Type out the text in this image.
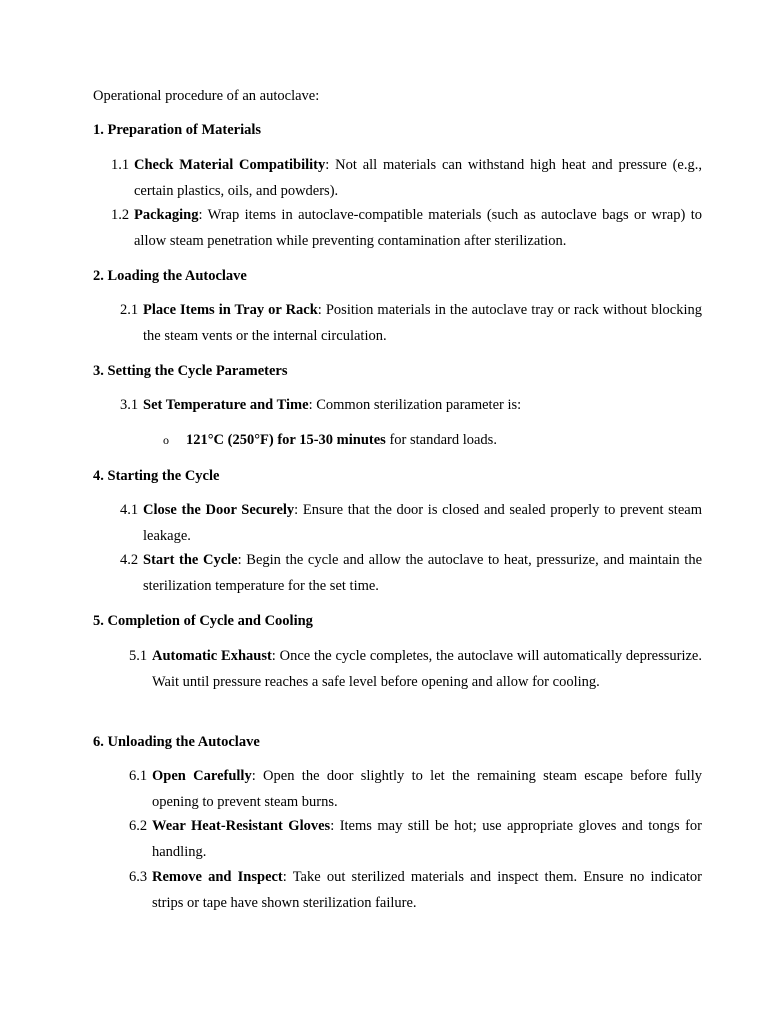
Operational procedure of an autoclave:
1. Preparation of Materials
1.1 Check Material Compatibility: Not all materials can withstand high heat and pressure (e.g., certain plastics, oils, and powders).
1.2 Packaging: Wrap items in autoclave-compatible materials (such as autoclave bags or wrap) to allow steam penetration while preventing contamination after sterilization.
2. Loading the Autoclave
2.1 Place Items in Tray or Rack: Position materials in the autoclave tray or rack without blocking the steam vents or the internal circulation.
3. Setting the Cycle Parameters
3.1 Set Temperature and Time: Common sterilization parameter is:
o 121°C (250°F) for 15-30 minutes for standard loads.
4. Starting the Cycle
4.1 Close the Door Securely: Ensure that the door is closed and sealed properly to prevent steam leakage.
4.2 Start the Cycle: Begin the cycle and allow the autoclave to heat, pressurize, and maintain the sterilization temperature for the set time.
5. Completion of Cycle and Cooling
5.1 Automatic Exhaust: Once the cycle completes, the autoclave will automatically depressurize. Wait until pressure reaches a safe level before opening and allow for cooling.
6. Unloading the Autoclave
6.1 Open Carefully: Open the door slightly to let the remaining steam escape before fully opening to prevent steam burns.
6.2 Wear Heat-Resistant Gloves: Items may still be hot; use appropriate gloves and tongs for handling.
6.3 Remove and Inspect: Take out sterilized materials and inspect them. Ensure no indicator strips or tape have shown sterilization failure.
